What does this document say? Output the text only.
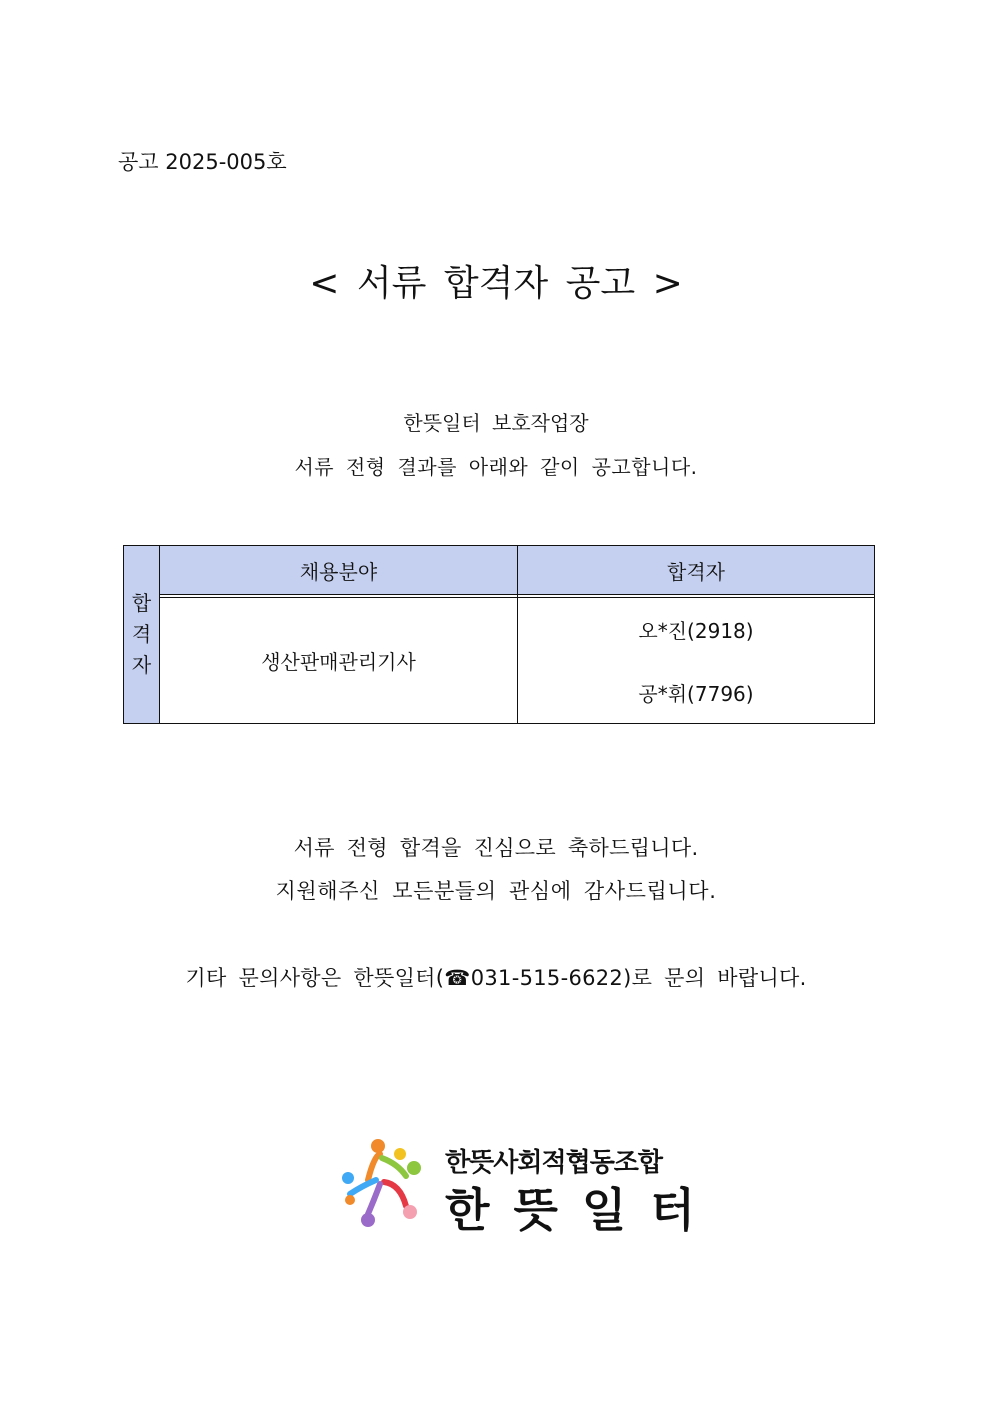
공고 2025-005호
< 서류 합격자 공고 >
한뜻일터 보호작업장
서류 전형 결과를 아래와 같이 공고합니다.
합
격
자
채용분야	합격자
생산판매관리기사
오*진(2918)
공*휘(7796)
서류 전형 합격을 진심으로 축하드립니다.
지원해주신 모든분들의 관심에 감사드립니다.
기타 문의사항은 한뜻일터(☎031-515-6622)로 문의 바랍니다.
한뜻사회적협동조합
한 뜻 일 터
